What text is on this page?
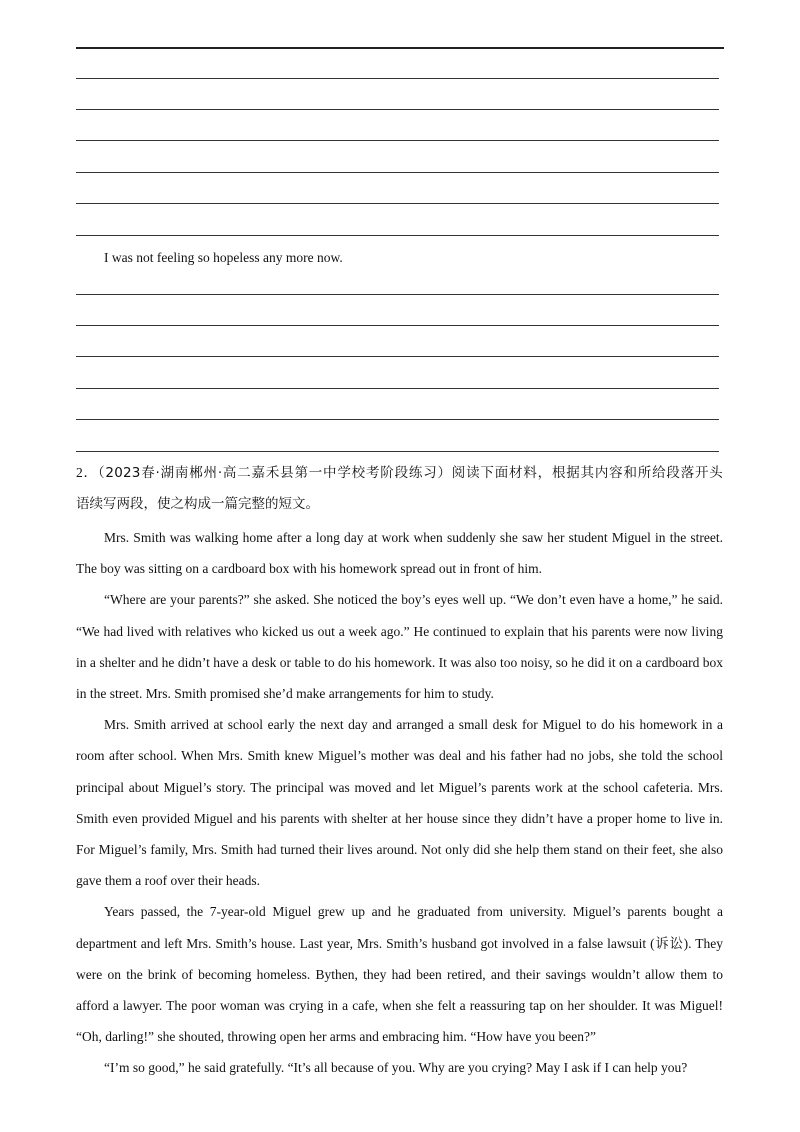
I was not feeling so hopeless any more now.
2．（2023春·湖南郴州·高二嘉禾县第一中学校考阶段练习）阅读下面材料，根据其内容和所给段落开头
语续写两段，使之构成一篇完整的短文。

Mrs. Smith was walking home after a long day at work when suddenly she saw her student Miguel in the street. The boy was sitting on a cardboard box with his homework spread out in front of him.

“Where are your parents?” she asked. She noticed the boy’s eyes well up. “We don’t even have a home,” he said. “We had lived with relatives who kicked us out a week ago.” He continued to explain that his parents were now living in a shelter and he didn’t have a desk or table to do his homework. It was also too noisy, so he did it on a cardboard box in the street. Mrs. Smith promised she’d make arrangements for him to study.

Mrs. Smith arrived at school early the next day and arranged a small desk for Miguel to do his homework in a room after school. When Mrs. Smith knew Miguel’s mother was deal and his father had no jobs, she told the school principal about Miguel’s story. The principal was moved and let Miguel’s parents work at the school cafeteria. Mrs. Smith even provided Miguel and his parents with shelter at her house since they didn’t have a proper home to live in. For Miguel’s family, Mrs. Smith had turned their lives around. Not only did she help them stand on their feet, she also gave them a roof over their heads.

Years passed, the 7-year-old Miguel grew up and he graduated from university. Miguel’s parents bought a department and left Mrs. Smith’s house. Last year, Mrs. Smith’s husband got involved in a false lawsuit (诉讼). They were on the brink of becoming homeless. Bythen, they had been retired, and their savings wouldn’t allow them to afford a lawyer. The poor woman was crying in a cafe, when she felt a reassuring tap on her shoulder. It was Miguel! “Oh, darling!” she shouted, throwing open her arms and embracing him. “How have you been?”

“I’m so good,” he said gratefully. “It’s all because of you. Why are you crying? May I ask if I can help you?
